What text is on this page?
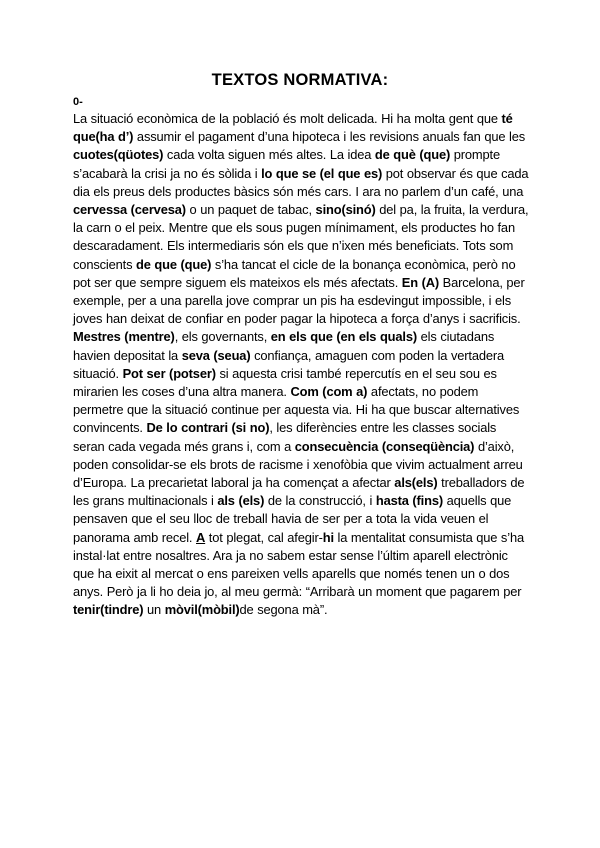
TEXTOS NORMATIVA:
0-
La situació econòmica de la població és molt delicada. Hi ha molta gent que té que(ha d’) assumir el pagament d’una hipoteca i les revisions anuals fan que les cuotes(qüotes) cada volta siguen més altes. La idea de què (que) prompte s’acabarà la crisi ja no és sòlida i lo que se (el que es) pot observar és que cada dia els preus dels productes bàsics són més cars. I ara no parlem d’un café, una cervessa (cervesa) o un paquet de tabac, sino(sinó) del pa, la fruita, la verdura, la carn o el peix. Mentre que els sous pugen mínimament, els productes ho fan descaradament. Els intermediaris són els que n’ixen més beneficiats. Tots som conscients de que (que) s’ha tancat el cicle de la bonança econòmica, però no pot ser que sempre siguem els mateixos els més afectats. En (A) Barcelona, per exemple, per a una parella jove comprar un pis ha esdevingut impossible, i els joves han deixat de confiar en poder pagar la hipoteca a força d’anys i sacrificis. Mestres (mentre), els governants, en els que (en els quals) els ciutadans havien depositat la seva (seua) confiança, amaguen com poden la vertadera situació. Pot ser (potser) si aquesta crisi també repercutís en el seu sou es mirarien les coses d’una altra manera. Com (com a) afectats, no podem permetre que la situació continue per aquesta via. Hi ha que buscar alternatives convincents. De lo contrari (si no), les diferències entre les classes socials seran cada vegada més grans i, com a consecuència (conseqüència) d’això, poden consolidar-se els brots de racisme i xenofòbia que vivim actualment arreu d’Europa. La precarietat laboral ja ha començat a afectar als(els) treballadors de les grans multinacionals i als (els) de la construcció, i hasta (fins) aquells que pensaven que el seu lloc de treball havia de ser per a tota la vida veuen el panorama amb recel. A tot plegat, cal afegir-hi la mentalitat consumista que s’ha instal·lat entre nosaltres. Ara ja no sabem estar sense l’últim aparell electrònic que ha eixit al mercat o ens pareixen vells aparells que només tenen un o dos anys. Però ja li ho deia jo, al meu germà: “Arribarà un moment que pagarem per tenir(tindre) un mòvil(mòbil)de segona mà”.
